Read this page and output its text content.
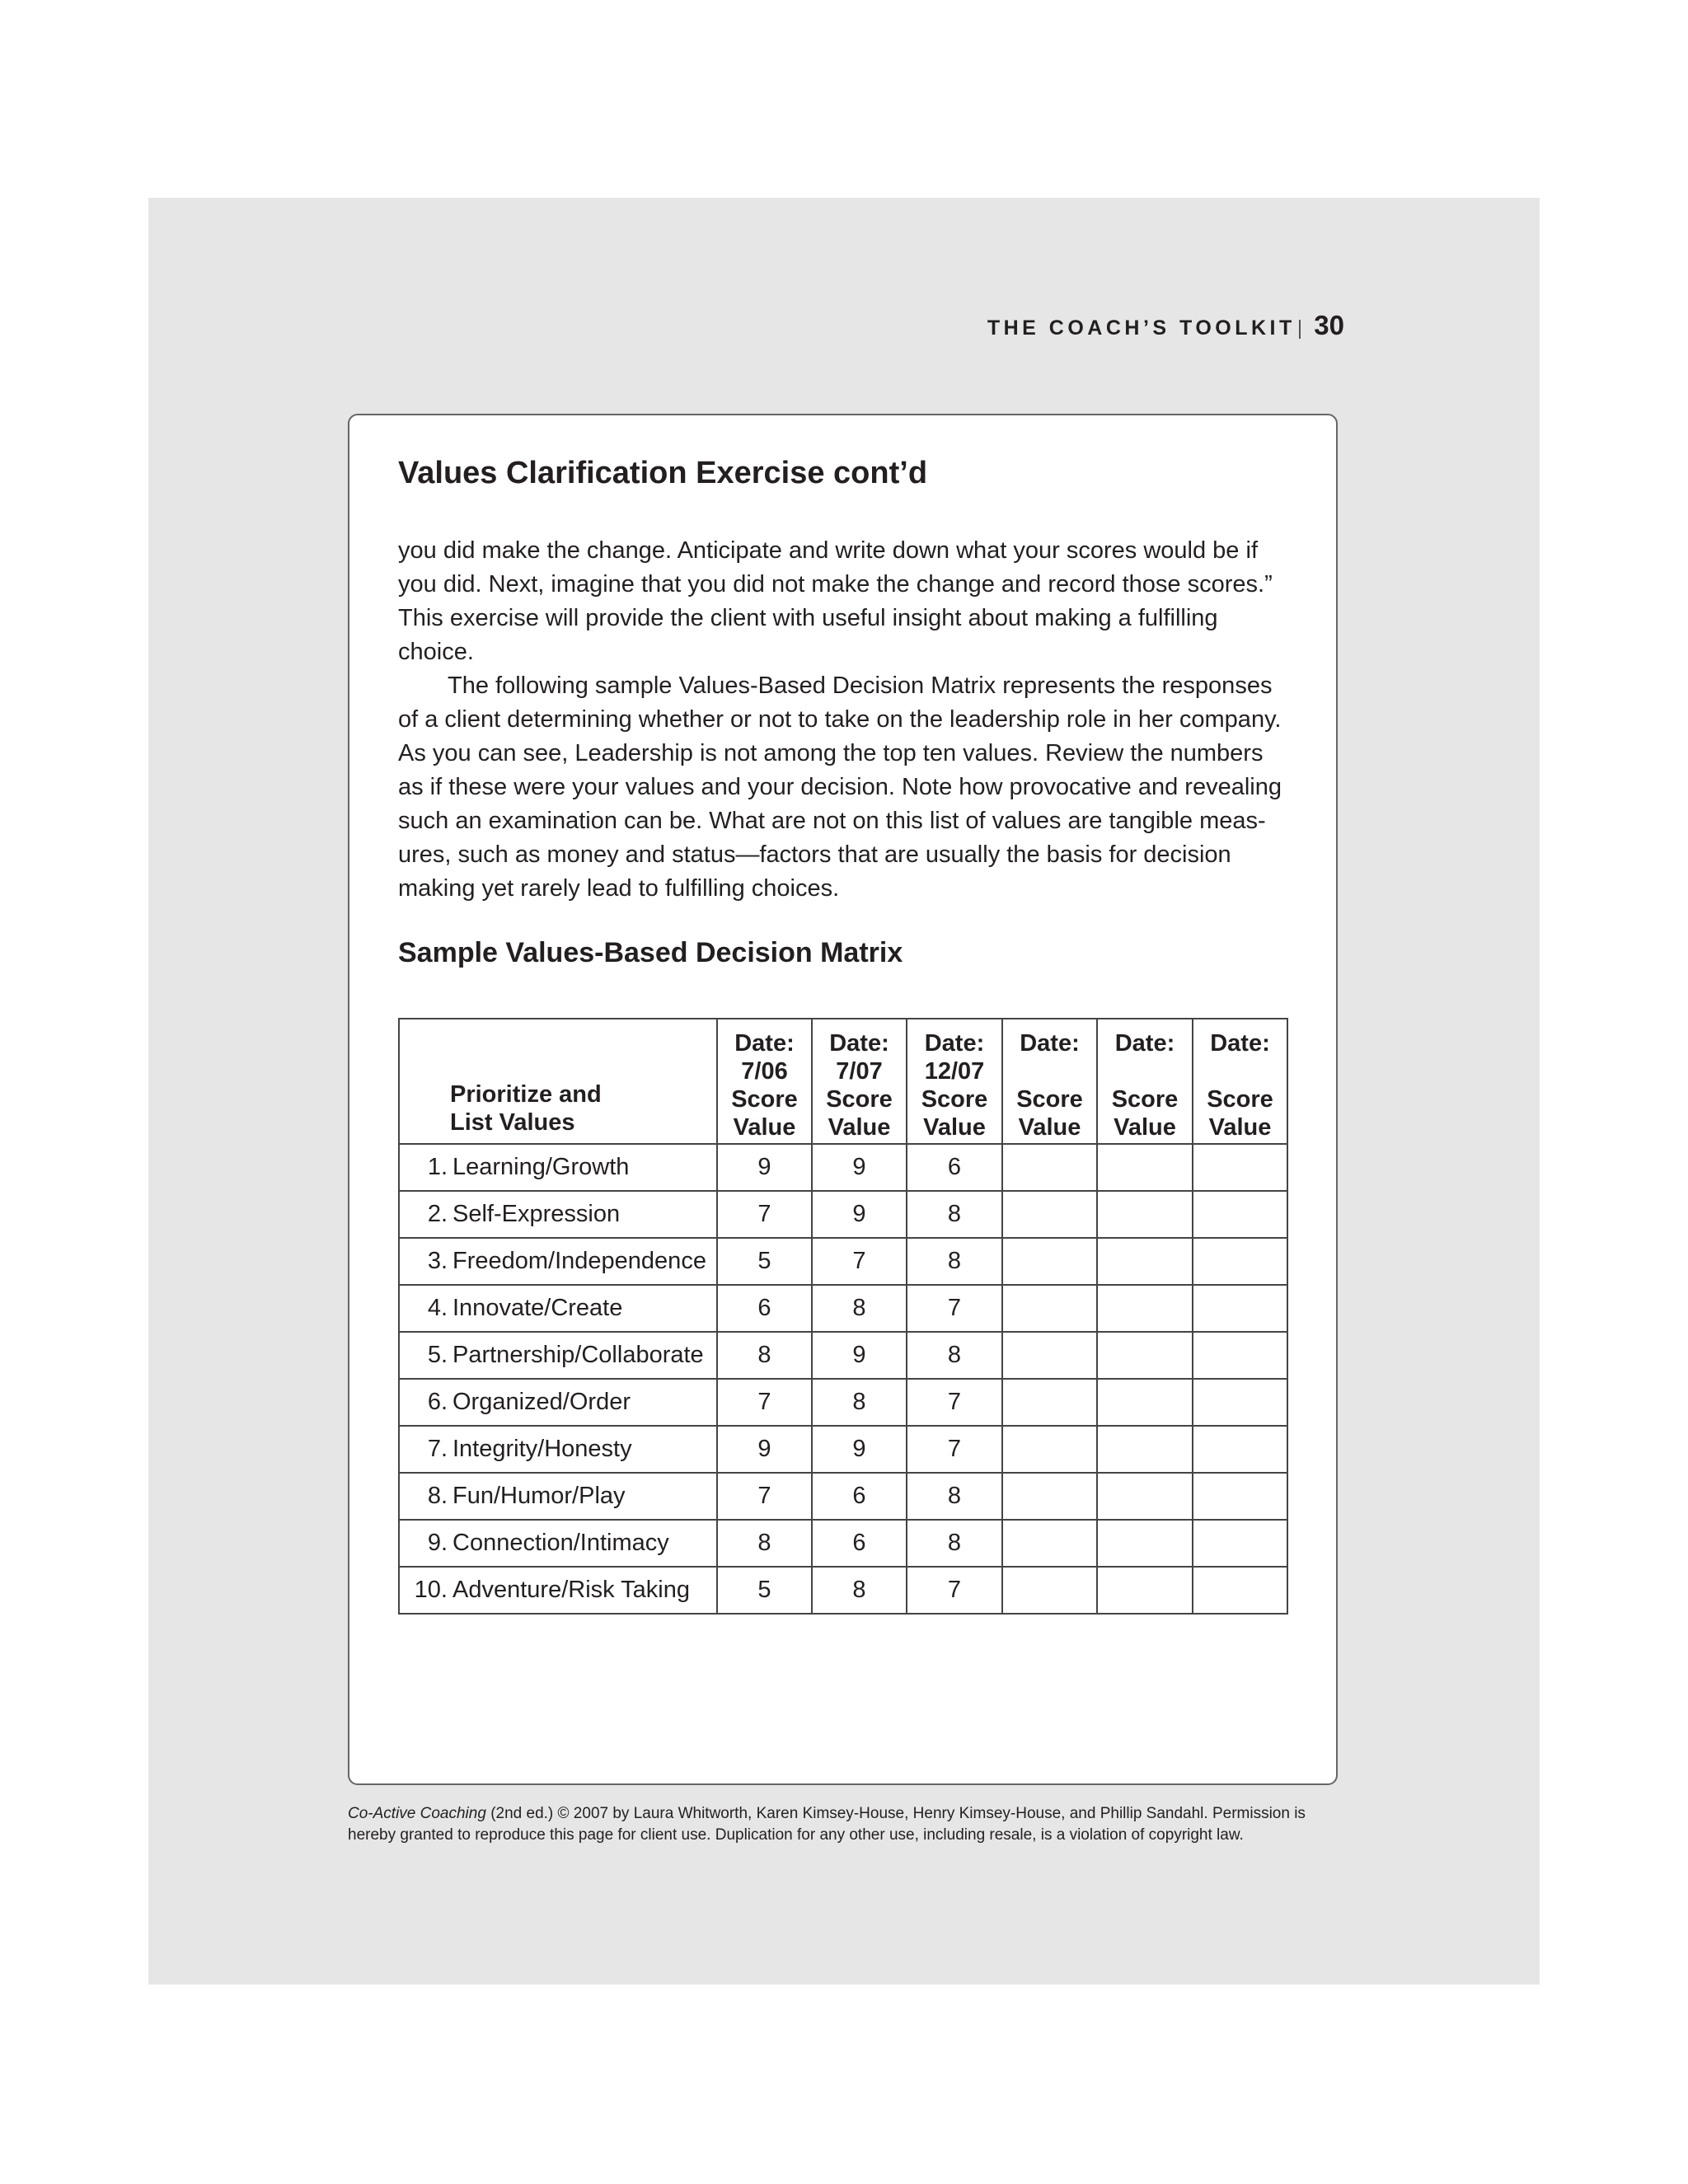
THE COACH’S TOOLKIT| 30
Values Clarification Exercise cont’d

you did make the change. Anticipate and write down what your scores would be if you did. Next, imagine that you did not make the change and record those scores.” This exercise will provide the client with useful insight about making a fulfilling choice.

The following sample Values-Based Decision Matrix represents the responses of a client determining whether or not to take on the leadership role in her company. As you can see, Leadership is not among the top ten values. Review the numbers as if these were your values and your decision. Note how provocative and revealing such an examination can be. What are not on this list of values are tangible measures, such as money and status—factors that are usually the basis for decision making yet rarely lead to fulfilling choices.

Sample Values-Based Decision Matrix
Prioritize and
List Values	Date:
7/06
Score
Value	Date:
7/07
Score
Value	Date:
12/07
Score
Value	Date:

Score
Value	Date:

Score
Value	Date:

Score
Value

1. Learning/Growth	9	9	6			
2. Self-Expression	7	9	8			
3. Freedom/Independence	5	7	8			
4. Innovate/Create	6	8	7			
5. Partnership/Collaborate	8	9	8			
6. Organized/Order	7	8	7			
7. Integrity/Honesty	9	9	7			
8. Fun/Humor/Play	7	6	8			
9. Connection/Intimacy	8	6	8			
10. Adventure/Risk Taking	5	8	7			
Co-Active Coaching (2nd ed.) © 2007 by Laura Whitworth, Karen Kimsey-House, Henry Kimsey-House, and Phillip Sandahl. Permission is hereby granted to reproduce this page for client use. Duplication for any other use, including resale, is a violation of copyright law.
